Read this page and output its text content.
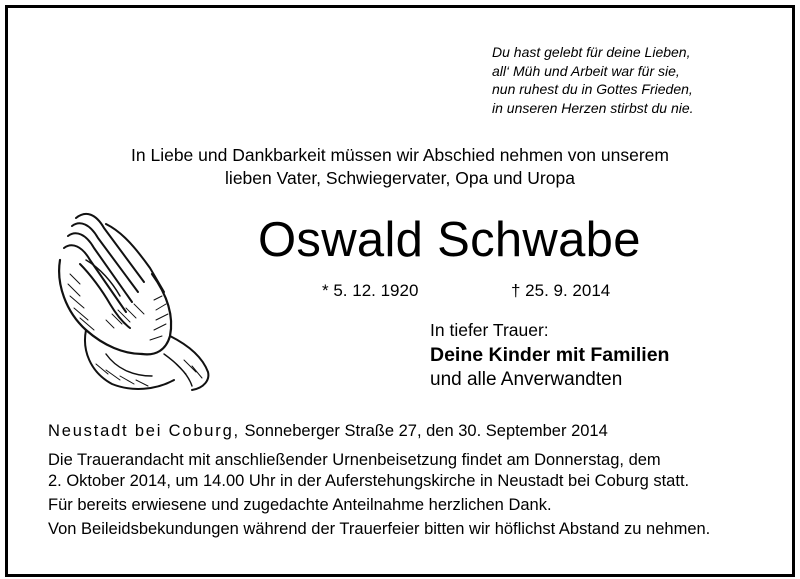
Du hast gelebt für deine Lieben,
all‘ Müh und Arbeit war für sie,
nun ruhest du in Gottes Frieden,
in unseren Herzen stirbst du nie.
In Liebe und Dankbarkeit müssen wir Abschied nehmen von unserem
lieben Vater, Schwiegervater, Opa und Uropa
Oswald Schwabe
* 5. 12. 1920	† 25. 9. 2014
In tiefer Trauer:
Deine Kinder mit Familien
und alle Anverwandten
Neustadt bei Coburg, Sonneberger Straße 27, den 30. September 2014
Die Trauerandacht mit anschließender Urnenbeisetzung findet am Donnerstag, dem
2. Oktober 2014, um 14.00 Uhr in der Auferstehungskirche in Neustadt bei Coburg statt.
Für bereits erwiesene und zugedachte Anteilnahme herzlichen Dank.
Von Beileidsbekundungen während der Trauerfeier bitten wir höflichst Abstand zu nehmen.
